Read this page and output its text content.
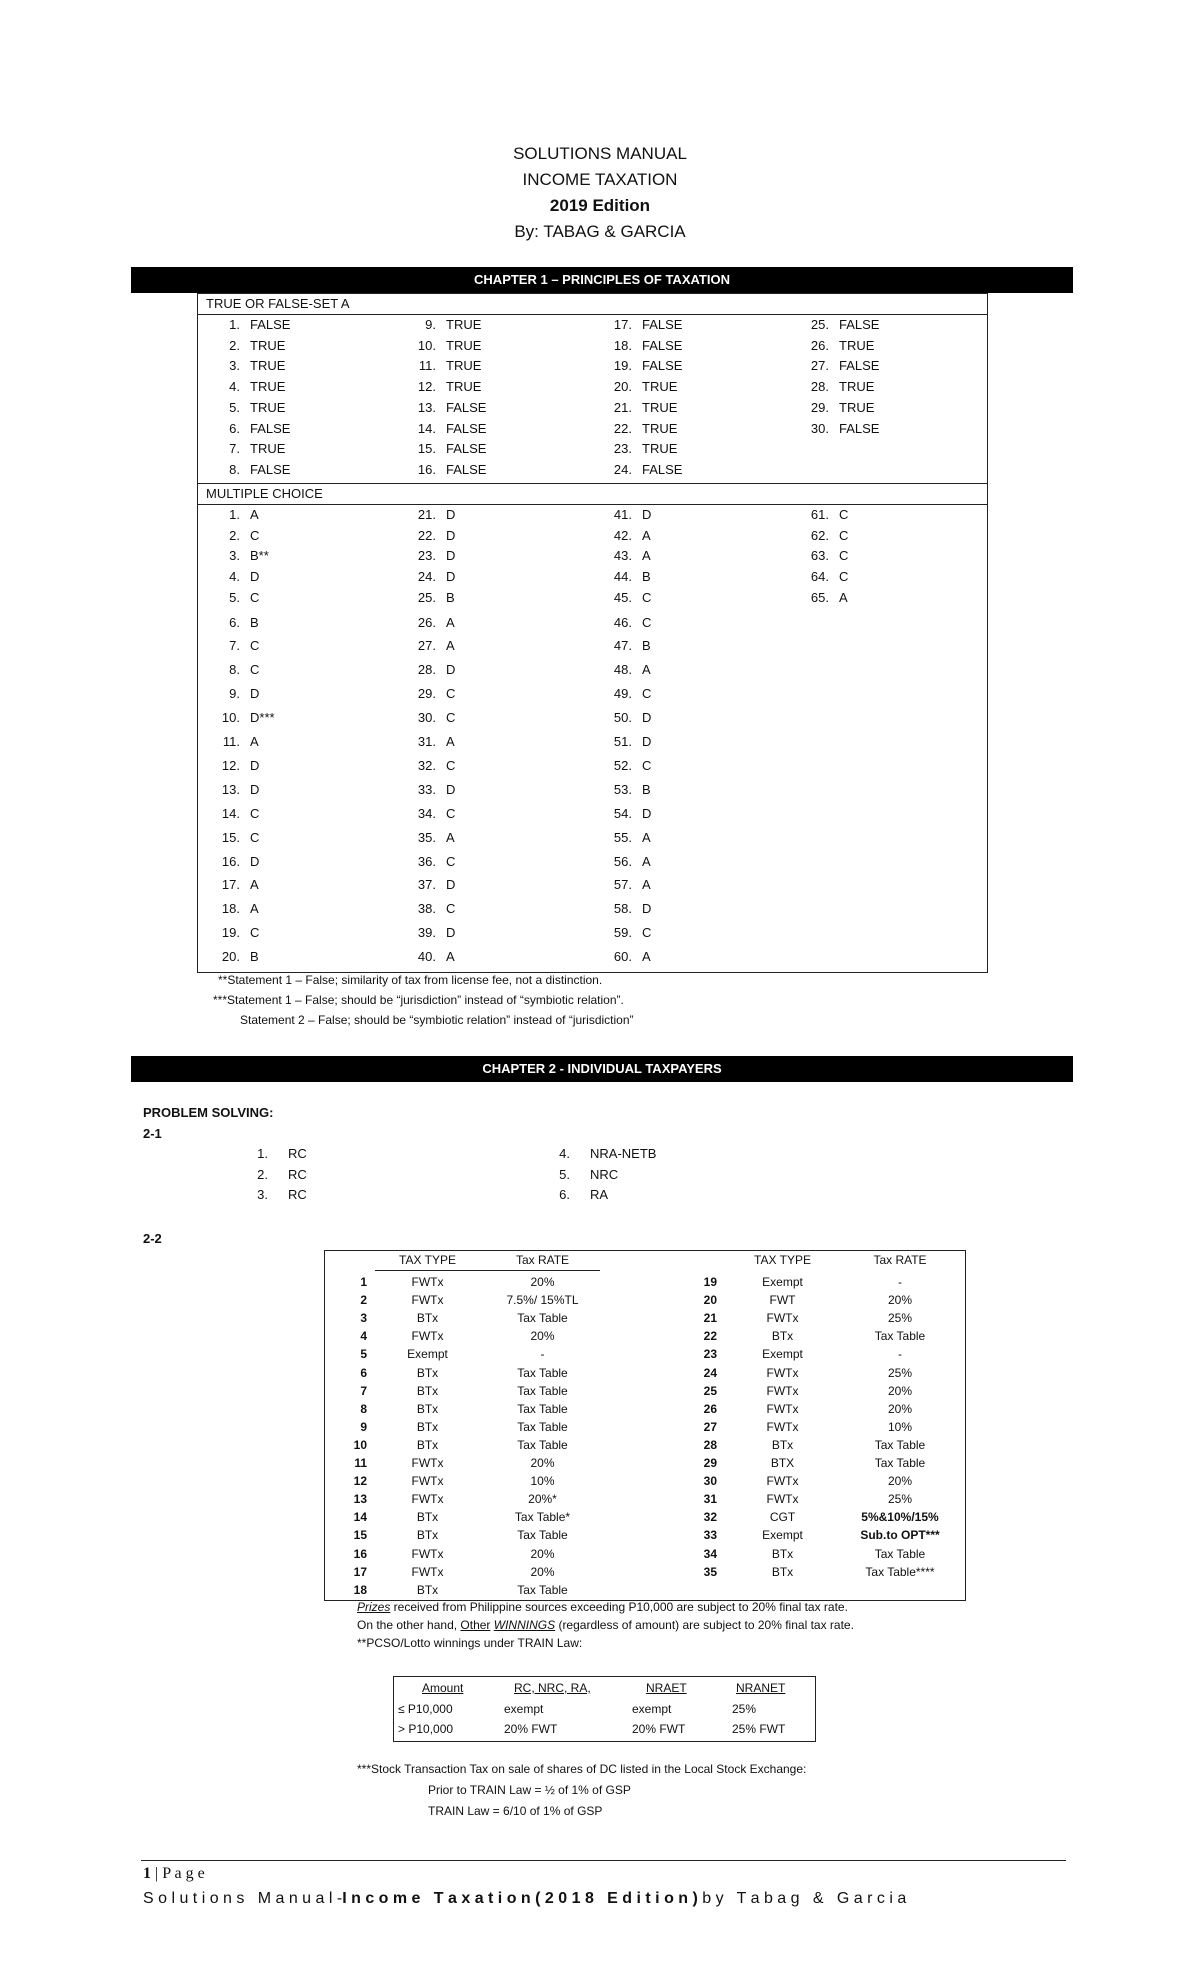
SOLUTIONS MANUAL
INCOME TAXATION
2019 Edition
By: TABAG & GARCIA
CHAPTER 1 – PRINCIPLES OF TAXATION
TRUE OR FALSE-SET A
1. FALSE
2. TRUE
3. TRUE
4. TRUE
5. TRUE
6. FALSE
7. TRUE
8. FALSE
9. TRUE
10. TRUE
11. TRUE
12. TRUE
13. FALSE
14. FALSE
15. FALSE
16. FALSE
17. FALSE
18. FALSE
19. FALSE
20. TRUE
21. TRUE
22. TRUE
23. TRUE
24. FALSE
25. FALSE
26. TRUE
27. FALSE
28. TRUE
29. TRUE
30. FALSE
MULTIPLE CHOICE
1. A
2. C
3. B**
4. D
5. C
6. B
7. C
8. C
9. D
10. D***
11. A
12. D
13. D
14. C
15. C
16. D
17. A
18. A
19. C
20. B
21. D
22. D
23. D
24. D
25. B
26. A
27. A
28. D
29. C
30. C
31. A
32. C
33. D
34. C
35. A
36. C
37. D
38. C
39. D
40. A
41. D
42. A
43. A
44. B
45. C
46. C
47. B
48. A
49. C
50. D
51. D
52. C
53. B
54. D
55. A
56. A
57. A
58. D
59. C
60. A
61. C
62. C
63. C
64. C
65. A
**Statement 1 – False; similarity of tax from license fee, not a distinction.
***Statement 1 – False; should be “jurisdiction” instead of “symbiotic relation”.
Statement 2 – False; should be “symbiotic relation” instead of “jurisdiction”
CHAPTER 2 - INDIVIDUAL TAXPAYERS
PROBLEM SOLVING:
2-1
1. RC
2. RC
3. RC
4. NRA-NETB
5. NRC
6. RA
2-2
TAX TYPE	Tax RATE	TAX TYPE	Tax RATE
1	FWTx	20%
2	FWTx	7.5%/ 15%TL
3	BTx	Tax Table
4	FWTx	20%
5	Exempt	-
6	BTx	Tax Table
7	BTx	Tax Table
8	BTx	Tax Table
9	BTx	Tax Table
10	BTx	Tax Table
11	FWTx	20%
12	FWTx	10%
13	FWTx	20%*
14	BTx	Tax Table*
15	BTx	Tax Table
16	FWTx	20%
17	FWTx	20%
18	BTx	Tax Table
19	Exempt	-
20	FWT	20%
21	FWTx	25%
22	BTx	Tax Table
23	Exempt	-
24	FWTx	25%
25	FWTx	20%
26	FWTx	20%
27	FWTx	10%
28	BTx	Tax Table
29	BTX	Tax Table
30	FWTx	20%
31	FWTx	25%
32	CGT	5%&10%/15%
33	Exempt	Sub.to OPT***
34	BTx	Tax Table
35	BTx	Tax Table****
Prizes received from Philippine sources exceeding P10,000 are subject to 20% final tax rate.
On the other hand, Other WINNINGS (regardless of amount) are subject to 20% final tax rate.
**PCSO/Lotto winnings under TRAIN Law:
Amount	RC, NRC, RA,	NRAET	NRANET
≤ P10,000	exempt	exempt	25%
> P10,000	20% FWT	20% FWT	25% FWT
***Stock Transaction Tax on sale of shares of DC listed in the Local Stock Exchange:
Prior to TRAIN Law = ½ of 1% of GSP
TRAIN Law = 6/10 of 1% of GSP
1 | P a g e
S o l u t i o n s   M a n u a l -I n c o m e   T a x a t i o n ( 2 0 1 8   E d i t i o n ) b y   T a b a g   &   G a r c i a
